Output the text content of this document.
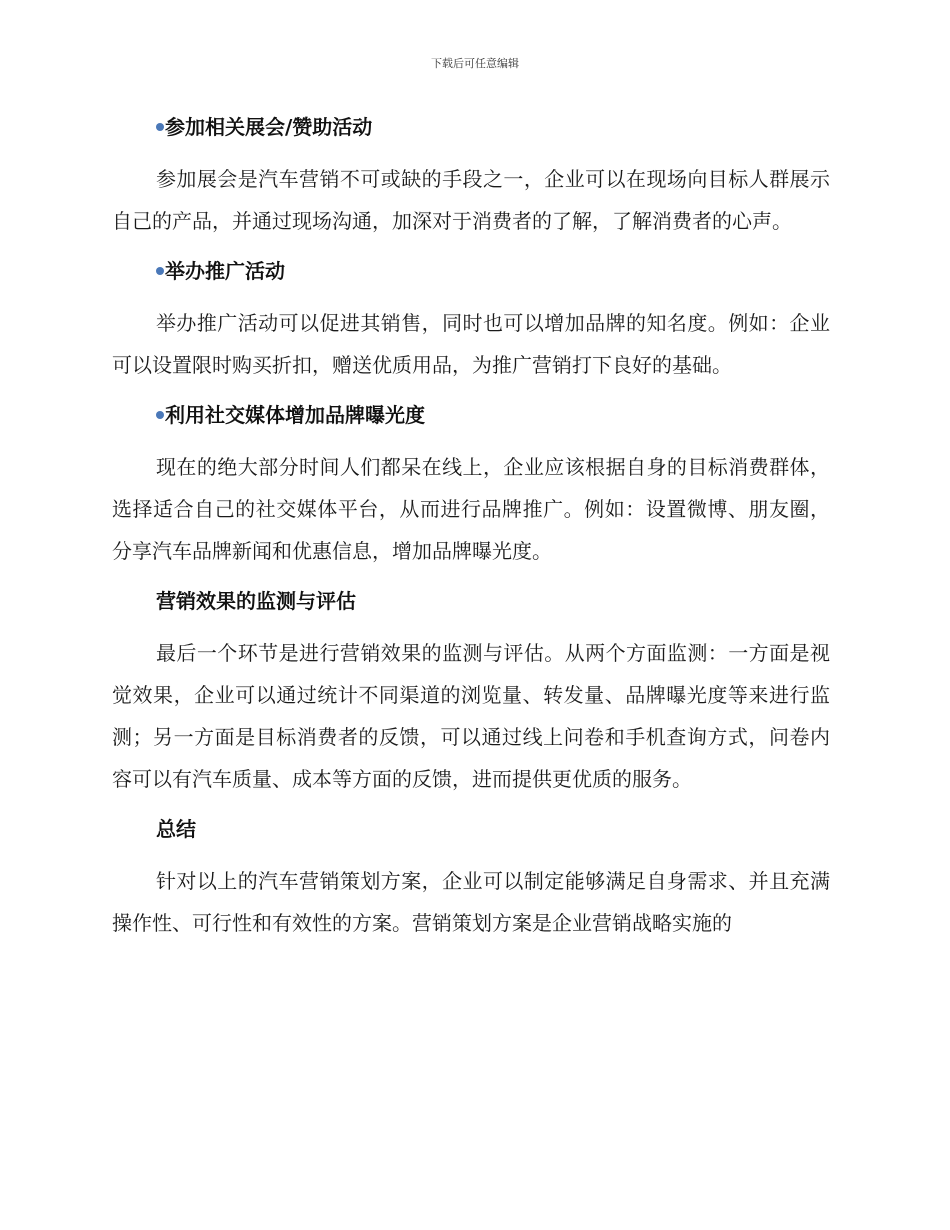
下载后可任意编辑
参加相关展会/赞助活动

参加展会是汽车营销不可或缺的手段之一，企业可以在现场向目标人群展示自己的产品，并通过现场沟通，加深对于消费者的了解，了解消费者的心声。

举办推广活动

举办推广活动可以促进其销售，同时也可以增加品牌的知名度。例如：企业可以设置限时购买折扣，赠送优质用品，为推广营销打下良好的基础。

利用社交媒体增加品牌曝光度

现在的绝大部分时间人们都呆在线上，企业应该根据自身的目标消费群体，选择适合自己的社交媒体平台，从而进行品牌推广。例如：设置微博、朋友圈，分享汽车品牌新闻和优惠信息，增加品牌曝光度。

营销效果的监测与评估

最后一个环节是进行营销效果的监测与评估。从两个方面监测：一方面是视觉效果，企业可以通过统计不同渠道的浏览量、转发量、品牌曝光度等来进行监测；另一方面是目标消费者的反馈，可以通过线上问卷和手机查询方式，问卷内容可以有汽车质量、成本等方面的反馈，进而提供更优质的服务。

总结

针对以上的汽车营销策划方案，企业可以制定能够满足自身需求、并且充满操作性、可行性和有效性的方案。营销策划方案是企业营销战略实施的
